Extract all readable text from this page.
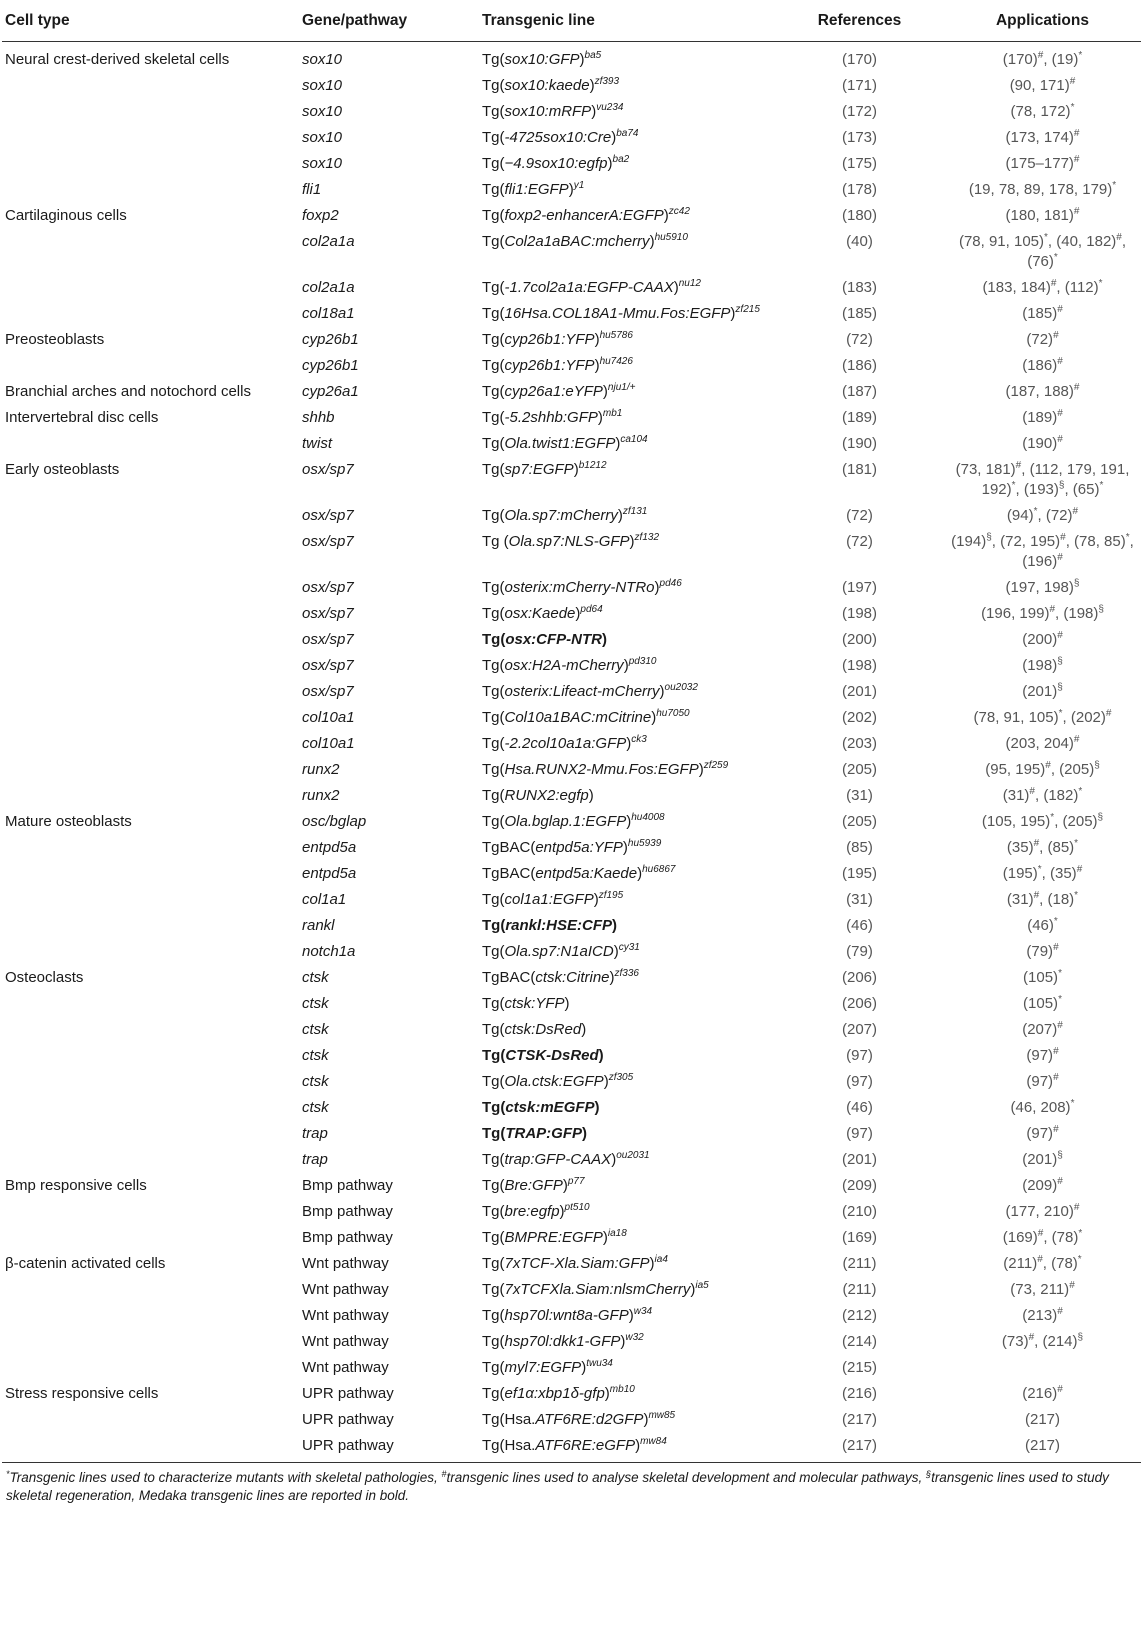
Cell type	Gene/pathway	Transgenic line	References	Applications
Neural crest-derived skeletal cells	sox10	Tg(sox10:GFP)$^{ba5}$	(170)	(170)#, (19)*
	sox10	Tg(sox10:kaede)$^{zf393}$	(171)	(90, 171)#
	sox10	Tg(sox10:mRFP)$^{vu234}$	(172)	(78, 172)*
	sox10	Tg(-4725sox10:Cre)$^{ba74}$	(173)	(173, 174)#
	sox10	Tg(−4.9sox10:egfp)$^{ba2}$	(175)	(175–177)#
	fli1	Tg(fli1:EGFP)$^{y1}$	(178)	(19, 78, 89, 178, 179)*
Cartilaginous cells	foxp2	Tg(foxp2-enhancerA:EGFP)$^{zc42}$	(180)	(180, 181)#
	col2a1a	Tg(Col2a1aBAC:mcherry)$^{hu5910}$	(40)	(78, 91, 105)*, (40, 182)#, (76)*
	col2a1a	Tg(-1.7col2a1a:EGFP-CAAX)$^{nu12}$	(183)	(183, 184)#, (112)*
	col18a1	Tg(16Hsa.COL18A1-Mmu.Fos:EGFP)$^{zf215}$	(185)	(185)#
Preosteoblasts	cyp26b1	Tg(cyp26b1:YFP)$^{hu5786}$	(72)	(72)#
	cyp26b1	Tg(cyp26b1:YFP)$^{hu7426}$	(186)	(186)#
Branchial arches and notochord cells	cyp26a1	Tg(cyp26a1:eYFP)$^{nju1/+}$	(187)	(187, 188)#
Intervertebral disc cells	shhb	Tg(-5.2shhb:GFP)$^{mb1}$	(189)	(189)#
	twist	Tg(Ola.twist1:EGFP)$^{ca104}$	(190)	(190)#
Early osteoblasts	osx/sp7	Tg(sp7:EGFP)$^{b1212}$	(181)	(73, 181)#, (112, 179, 191, 192)*, (193)§, (65)*
	osx/sp7	Tg(Ola.sp7:mCherry)$^{zf131}$	(72)	(94)*, (72)#
	osx/sp7	Tg (Ola.sp7:NLS-GFP)$^{zf132}$	(72)	(194)§, (72, 195)#, (78, 85)*, (196)#
	osx/sp7	Tg(osterix:mCherry-NTRo)$^{pd46}$	(197)	(197, 198)§
	osx/sp7	Tg(osx:Kaede)$^{pd64}$	(198)	(196, 199)#, (198)§
	osx/sp7	Tg(osx:CFP-NTR)	(200)	(200)#
	osx/sp7	Tg(osx:H2A-mCherry)$^{pd310}$	(198)	(198)§
	osx/sp7	Tg(osterix:Lifeact-mCherry)$^{ou2032}$	(201)	(201)§
	col10a1	Tg(Col10a1BAC:mCitrine)$^{hu7050}$	(202)	(78, 91, 105)*, (202)#
	col10a1	Tg(-2.2col10a1a:GFP)$^{ck3}$	(203)	(203, 204)#
	runx2	Tg(Hsa.RUNX2-Mmu.Fos:EGFP)$^{zf259}$	(205)	(95, 195)#, (205)§
	runx2	Tg(RUNX2:egfp)	(31)	(31)#, (182)*
Mature osteoblasts	osc/bglap	Tg(Ola.bglap.1:EGFP)$^{hu4008}$	(205)	(105, 195)*, (205)§
	entpd5a	TgBAC(entpd5a:YFP)$^{hu5939}$	(85)	(35)#, (85)*
	entpd5a	TgBAC(entpd5a:Kaede)$^{hu6867}$	(195)	(195)*, (35)#
	col1a1	Tg(col1a1:EGFP)$^{zf195}$	(31)	(31)#, (18)*
	rankl	Tg(rankl:HSE:CFP)	(46)	(46)*
	notch1a	Tg(Ola.sp7:N1aICD)$^{cy31}$	(79)	(79)#
Osteoclasts	ctsk	TgBAC(ctsk:Citrine)$^{zf336}$	(206)	(105)*
	ctsk	Tg(ctsk:YFP)	(206)	(105)*
	ctsk	Tg(ctsk:DsRed)	(207)	(207)#
	ctsk	Tg(CTSK-DsRed)	(97)	(97)#
	ctsk	Tg(Ola.ctsk:EGFP)$^{zf305}$	(97)	(97)#
	ctsk	Tg(ctsk:mEGFP)	(46)	(46, 208)*
	trap	Tg(TRAP:GFP)	(97)	(97)#
	trap	Tg(trap:GFP-CAAX)$^{ou2031}$	(201)	(201)§
Bmp responsive cells	Bmp pathway	Tg(Bre:GFP)$^{p77}$	(209)	(209)#
	Bmp pathway	Tg(bre:egfp)$^{pt510}$	(210)	(177, 210)#
	Bmp pathway	Tg(BMPRE:EGFP)$^{ia18}$	(169)	(169)#, (78)*
β-catenin activated cells	Wnt pathway	Tg(7xTCF-Xla.Siam:GFP)$^{ia4}$	(211)	(211)#, (78)*
	Wnt pathway	Tg(7xTCFXla.Siam:nlsmCherry)$^{ia5}$	(211)	(73, 211)#
	Wnt pathway	Tg(hsp70l:wnt8a-GFP)$^{w34}$	(212)	(213)#
	Wnt pathway	Tg(hsp70l:dkk1-GFP)$^{w32}$	(214)	(73)#, (214)§
	Wnt pathway	Tg(myl7:EGFP)$^{twu34}$	(215)	
Stress responsive cells	UPR pathway	Tg(ef1α:xbp1δ-gfp)$^{mb10}$	(216)	(216)#
	UPR pathway	Tg(Hsa.ATF6RE:d2GFP)$^{mw85}$	(217)	(217)
	UPR pathway	Tg(Hsa.ATF6RE:eGFP)$^{mw84}$	(217)	(217)
*Transgenic lines used to characterize mutants with skeletal pathologies, #transgenic lines used to analyse skeletal development and molecular pathways, §transgenic lines used to study skeletal regeneration, Medaka transgenic lines are reported in bold.
